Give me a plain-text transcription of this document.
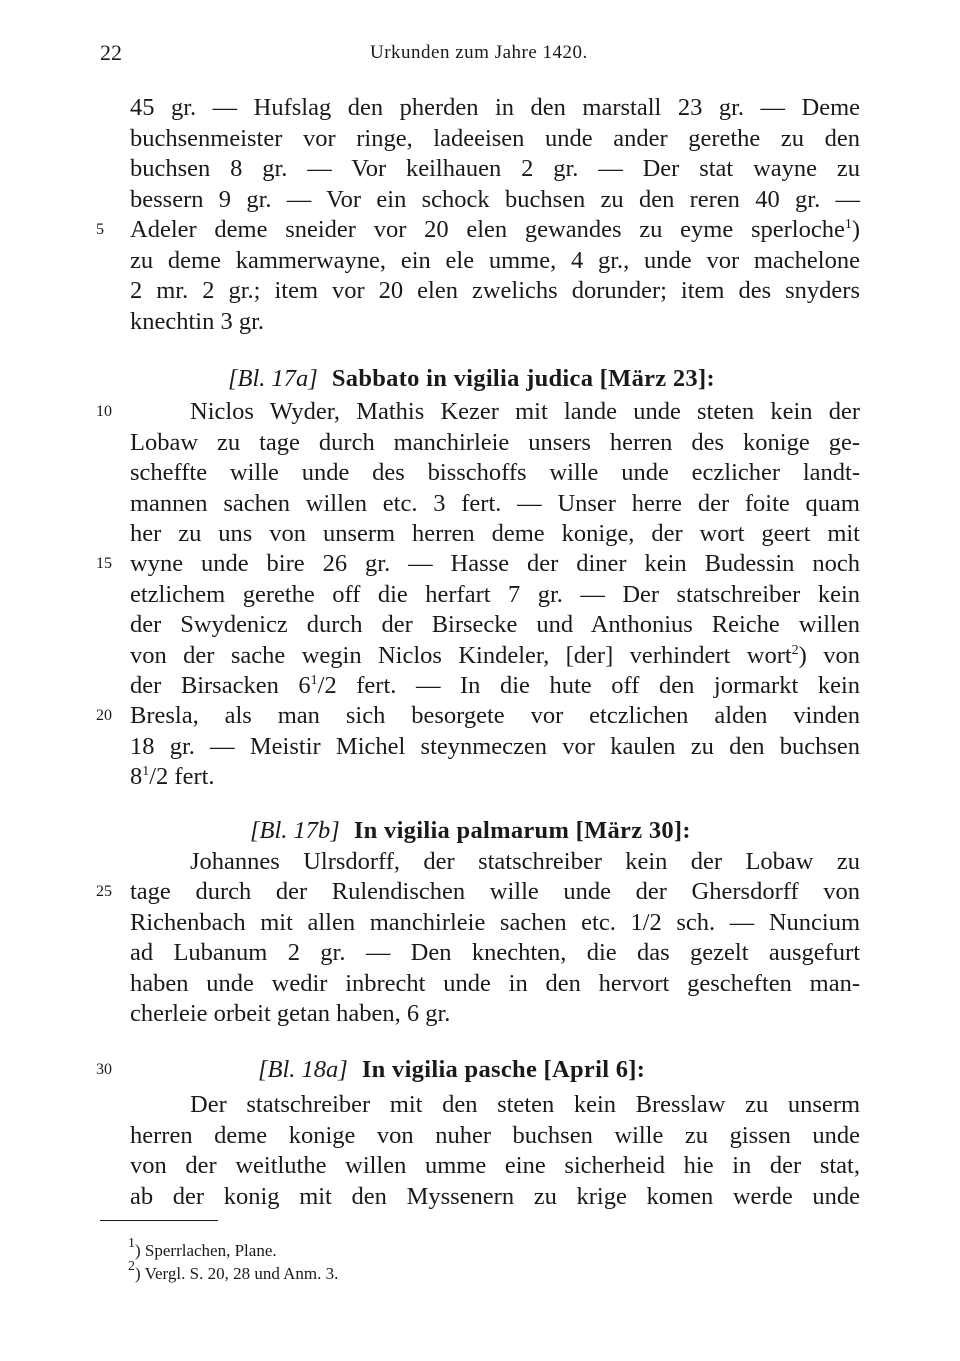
22	Urkunden zum Jahre 1420.
5
10
15
20
25
30
45 gr. — Hufslag den pherden in den marstall 23 gr. — Deme
buchsenmeister vor ringe, ladeeisen unde ander gerethe zu den
buchsen 8 gr. — Vor keilhauen 2 gr. — Der stat wayne zu
bessern 9 gr. — Vor ein schock buchsen zu den reren 40 gr. —
Adeler deme sneider vor 20 elen gewandes zu eyme sperloche$^1$)
zu deme kammerwayne, ein ele umme, 4 gr., unde vor machelone
2 mr. 2 gr.; item vor 20 elen zwelichs dorunder; item des snyders
knechtin 3 gr.
[Bl. 17a] Sabbato in vigilia judica [März 23]:
Niclos Wyder, Mathis Kezer mit lande unde steten kein der
Lobaw zu tage durch manchirleie unsers herren des konige ge-
scheffte wille unde des bisschoffs wille unde eczlicher landt-
mannen sachen willen etc. 3 fert. — Unser herre der foite quam
her zu uns von unserm herren deme konige, der wort geert mit
wyne unde bire 26 gr. — Hasse der diner kein Budessin noch
etzlichem gerethe off die herfart 7 gr. — Der statschreiber kein
der Swydenicz durch der Birsecke und Anthonius Reiche willen
von der sache wegin Niclos Kindeler, [der] verhindert wort$^2$) von
der Birsacken $6^1/2$ fert. — In die hute off den jormarkt kein
Bresla, als man sich besorgete vor etczlichen alden vinden
18 gr. — Meistir Michel steynmeczen vor kaulen zu den buchsen
$8^1/2$ fert.
[Bl. 17b] In vigilia palmarum [März 30]:
Johannes Ulrsdorff, der statschreiber kein der Lobaw zu
tage durch der Rulendischen wille unde der Ghersdorff von
Richenbach mit allen manchirleie sachen etc. 1/2 sch. — Nuncium
ad Lubanum 2 gr. — Den knechten, die das gezelt ausgefurt
haben unde wedir inbrecht unde in den hervort gescheften man-
cherleie orbeit getan haben, 6 gr.
[Bl. 18a] In vigilia pasche [April 6]:
Der statschreiber mit den steten kein Bresslaw zu unserm
herren deme konige von nuher buchsen wille zu gissen unde
von der weitluthe willen umme eine sicherheid hie in der stat,
ab der konig mit den Myssenern zu krige komen werde unde
$^1$) Sperrlachen, Plane.
$^2$) Vergl. S. 20, 28 und Anm. 3.
